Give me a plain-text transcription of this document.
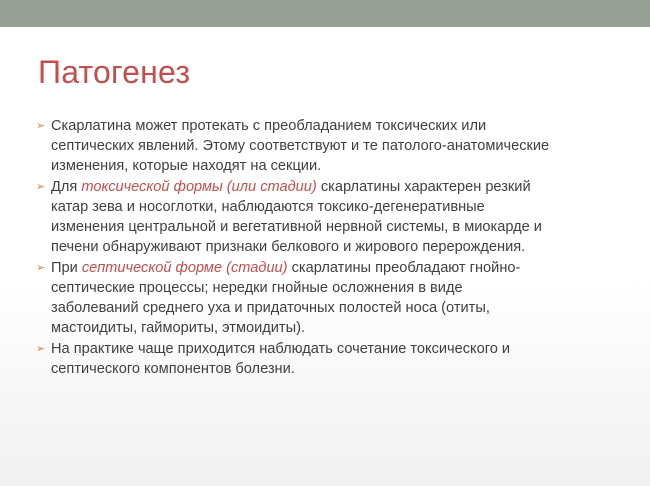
Патогенез
➢ Скарлатина может протекать с преобладанием токсических или
септических явлений. Этому соответствуют и те патолого-анатомические
изменения, которые находят на секции.
➢ Для токсической формы (или стадии) скарлатины характерен резкий
катар зева и носоглотки, наблюдаются токсико-дегенеративные
изменения центральной и вегетативной нервной системы, в миокарде и
печени обнаруживают признаки белкового и жирового перерождения.
➢ При септической форме (стадии) скарлатины преобладают гнойно-
септические процессы; нередки гнойные осложнения в виде
заболеваний среднего уха и придаточных полостей носа (отиты,
мастоидиты, гаймориты, этмоидиты).
➢ На практике чаще приходится наблюдать сочетание токсического и
септического компонентов болезни.
